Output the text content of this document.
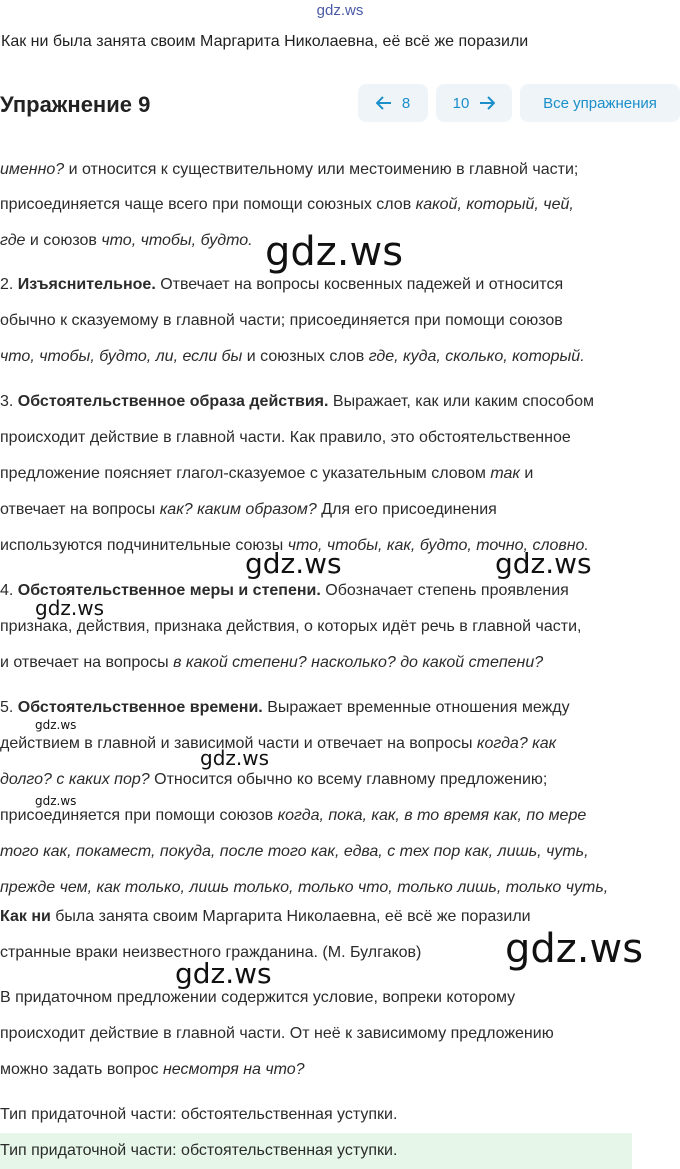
gdz.ws
Как ни была занята своим Маргарита Николаевна, её всё же поразили
Упражнение 9	8	10	Все упражнения
именно? и относится к существительному или местоимению в главной части;
присоединяется чаще всего при помощи союзных слов какой, который, чей,
где и союзов что, чтобы, будто.
2. Изъяснительное. Отвечает на вопросы косвенных падежей и относится
обычно к сказуемому в главной части; присоединяется при помощи союзов
что, чтобы, будто, ли, если бы и союзных слов где, куда, сколько, который.
3. Обстоятельственное образа действия. Выражает, как или каким способом
происходит действие в главной части. Как правило, это обстоятельственное
предложение поясняет глагол-сказуемое с указательным словом так и
отвечает на вопросы как? каким образом? Для его присоединения
используются подчинительные союзы что, чтобы, как, будто, точно, словно.
4. Обстоятельственное меры и степени. Обозначает степень проявления
признака, действия, признака действия, о которых идёт речь в главной части,
и отвечает на вопросы в какой степени? насколько? до какой степени?
5. Обстоятельственное времени. Выражает временные отношения между
действием в главной и зависимой части и отвечает на вопросы когда? как
долго? с каких пор? Относится обычно ко всему главному предложению;
присоединяется при помощи союзов когда, пока, как, в то время как, по мере
того как, покамест, покуда, после того как, едва, с тех пор как, лишь, чуть,
прежде чем, как только, лишь только, только что, только лишь, только чуть,
Как ни была занята своим Маргарита Николаевна, её всё же поразили
странные враки неизвестного гражданина. (М. Булгаков)
В придаточном предложении содержится условие, вопреки которому
происходит действие в главной части. От неё к зависимому предложению
можно задать вопрос несмотря на что?
Тип придаточной части: обстоятельственная уступки.
Тип придаточной части: обстоятельственная уступки.
gdz.ws
gdz.ws	gdz.ws
gdz.ws
gdz.ws
gdz.ws
gdz.ws
gdz.ws
gdz.ws
